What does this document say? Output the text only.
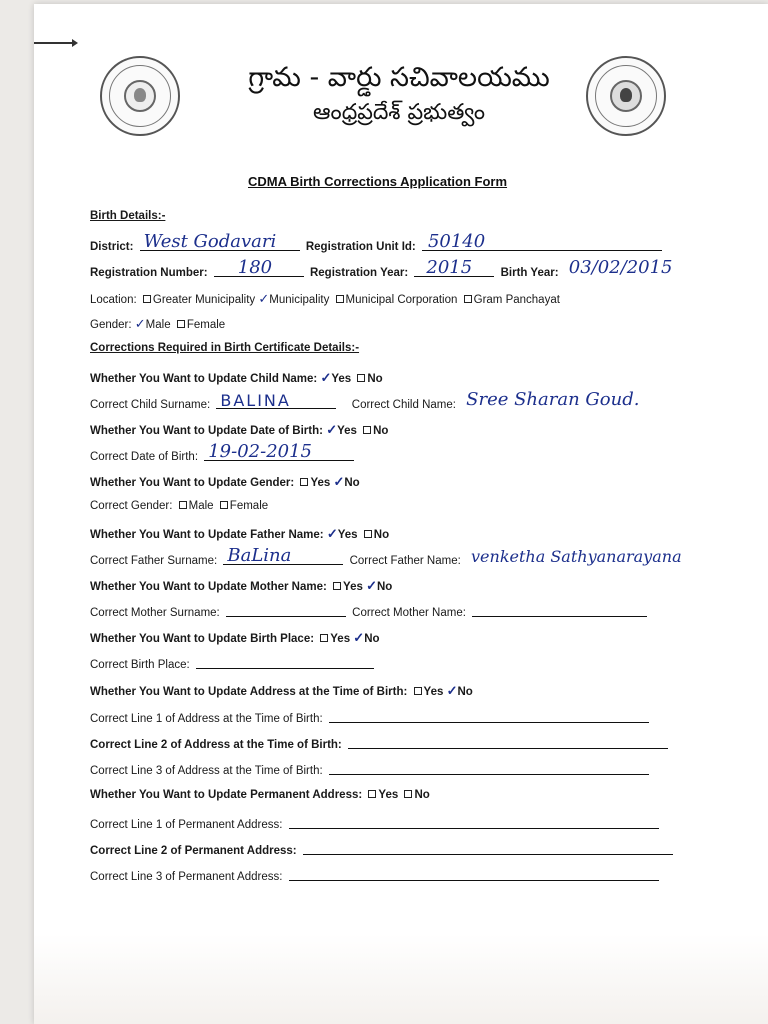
గ్రామ - వార్డు సచివాలయము
ఆంధ్రప్రదేశ్ ప్రభుత్వం
CDMA Birth Corrections Application Form
Birth Details:-
District: West Godavari	Registration Unit Id: 50140
Registration Number: 180	Registration Year: 2015 Birth Year: 03/02/2015
Location: Greater Municipality ✓Municipality Municipal Corporation Gram Panchayat
Gender: ✓Male Female
Corrections Required in Birth Certificate Details:-
Whether You Want to Update Child Name: ✓Yes No
Correct Child Surname: BALINA	Correct Child Name: Sree Sharan Goud.
Whether You Want to Update Date of Birth: ✓Yes No
Correct Date of Birth: 19-02-2015
Whether You Want to Update Gender: Yes ✓No
Correct Gender: Male Female
Whether You Want to Update Father Name: ✓Yes No
Correct Father Surname: BaLina	Correct Father Name: venketha Sathyanarayana
Whether You Want to Update Mother Name: Yes ✓No
Correct Mother Surname:	Correct Mother Name:
Whether You Want to Update Birth Place: Yes ✓No
Correct Birth Place:
Whether You Want to Update Address at the Time of Birth: Yes ✓No
Correct Line 1 of Address at the Time of Birth:
Correct Line 2 of Address at the Time of Birth:
Correct Line 3 of Address at the Time of Birth:
Whether You Want to Update Permanent Address: Yes No
Correct Line 1 of Permanent Address:
Correct Line 2 of Permanent Address:
Correct Line 3 of Permanent Address:
